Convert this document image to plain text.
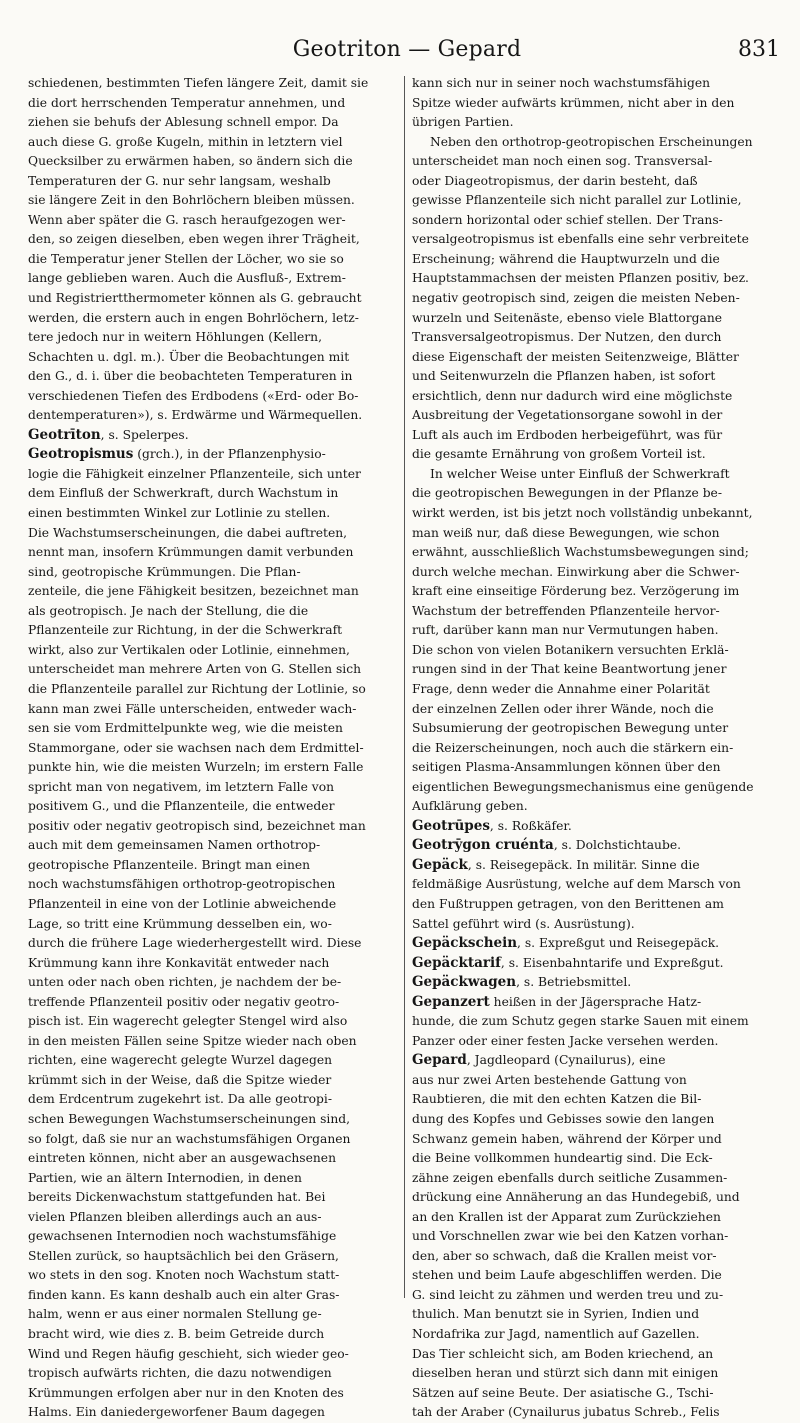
Geotriton — Gepard	831
schiedenen, bestimmten Tiefen längere Zeit, damit sie
die dort herrschenden Temperatur annehmen, und
ziehen sie behufs der Ablesung schnell empor. Da
auch diese G. große Kugeln, mithin in letztern viel
Quecksilber zu erwärmen haben, so ändern sich die
Temperaturen der G. nur sehr langsam, weshalb
sie längere Zeit in den Bohrlöchern bleiben müssen.
Wenn aber später die G. rasch heraufgezogen wer-
den, so zeigen dieselben, eben wegen ihrer Trägheit,
die Temperatur jener Stellen der Löcher, wo sie so
lange geblieben waren. Auch die Ausfluß-, Extrem-
und Registriertthermometer können als G. gebraucht
werden, die erstern auch in engen Bohrlöchern, letz-
tere jedoch nur in weitern Höhlungen (Kellern,
Schachten u. dgl. m.). Über die Beobachtungen mit
den G., d. i. über die beobachteten Temperaturen in
verschiedenen Tiefen des Erdbodens («Erd- oder Bo-
dentemperaturen»), s. Erdwärme und Wärmequellen.
Geotrīton, s. Spelerpes.
Geotropismus (grch.), in der Pflanzenphysio-
logie die Fähigkeit einzelner Pflanzenteile, sich unter
dem Einfluß der Schwerkraft, durch Wachstum in
einen bestimmten Winkel zur Lotlinie zu stellen.
Die Wachstumserscheinungen, die dabei auftreten,
nennt man, insofern Krümmungen damit verbunden
sind, geotropische Krümmungen. Die Pflan-
zenteile, die jene Fähigkeit besitzen, bezeichnet man
als geotropisch. Je nach der Stellung, die die
Pflanzenteile zur Richtung, in der die Schwerkraft
wirkt, also zur Vertikalen oder Lotlinie, einnehmen,
unterscheidet man mehrere Arten von G. Stellen sich
die Pflanzenteile parallel zur Richtung der Lotlinie, so
kann man zwei Fälle unterscheiden, entweder wach-
sen sie vom Erdmittelpunkte weg, wie die meisten
Stammorgane, oder sie wachsen nach dem Erdmittel-
punkte hin, wie die meisten Wurzeln; im erstern Falle
spricht man von negativem, im letztern Falle von
positivem G., und die Pflanzenteile, die entweder
positiv oder negativ geotropisch sind, bezeichnet man
auch mit dem gemeinsamen Namen orthotrop-
geotropische Pflanzenteile. Bringt man einen
noch wachstumsfähigen orthotrop-geotropischen
Pflanzenteil in eine von der Lotlinie abweichende
Lage, so tritt eine Krümmung desselben ein, wo-
durch die frühere Lage wiederhergestellt wird. Diese
Krümmung kann ihre Konkavität entweder nach
unten oder nach oben richten, je nachdem der be-
treffende Pflanzenteil positiv oder negativ geotro-
pisch ist. Ein wagerecht gelegter Stengel wird also
in den meisten Fällen seine Spitze wieder nach oben
richten, eine wagerecht gelegte Wurzel dagegen
krümmt sich in der Weise, daß die Spitze wieder
dem Erdcentrum zugekehrt ist. Da alle geotropi-
schen Bewegungen Wachstumserscheinungen sind,
so folgt, daß sie nur an wachstumsfähigen Organen
eintreten können, nicht aber an ausgewachsenen
Partien, wie an ältern Internodien, in denen
bereits Dickenwachstum stattgefunden hat. Bei
vielen Pflanzen bleiben allerdings auch an aus-
gewachsenen Internodien noch wachstumsfähige
Stellen zurück, so hauptsächlich bei den Gräsern,
wo stets in den sog. Knoten noch Wachstum statt-
finden kann. Es kann deshalb auch ein alter Gras-
halm, wenn er aus einer normalen Stellung ge-
bracht wird, wie dies z. B. beim Getreide durch
Wind und Regen häufig geschieht, sich wieder geo-
tropisch aufwärts richten, die dazu notwendigen
Krümmungen erfolgen aber nur in den Knoten des
Halms. Ein daniedergeworfener Baum dagegen
kann sich nur in seiner noch wachstumsfähigen
Spitze wieder aufwärts krümmen, nicht aber in den
übrigen Partien.
Neben den orthotrop-geotropischen Erscheinungen
unterscheidet man noch einen sog. Transversal-
oder Diageotropismus, der darin besteht, daß
gewisse Pflanzenteile sich nicht parallel zur Lotlinie,
sondern horizontal oder schief stellen. Der Trans-
versalgeotropismus ist ebenfalls eine sehr verbreitete
Erscheinung; während die Hauptwurzeln und die
Hauptstammachsen der meisten Pflanzen positiv, bez.
negativ geotropisch sind, zeigen die meisten Neben-
wurzeln und Seitenäste, ebenso viele Blattorgane
Transversalgeotropismus. Der Nutzen, den durch
diese Eigenschaft der meisten Seitenzweige, Blätter
und Seitenwurzeln die Pflanzen haben, ist sofort
ersichtlich, denn nur dadurch wird eine möglichste
Ausbreitung der Vegetationsorgane sowohl in der
Luft als auch im Erdboden herbeigeführt, was für
die gesamte Ernährung von großem Vorteil ist.
In welcher Weise unter Einfluß der Schwerkraft
die geotropischen Bewegungen in der Pflanze be-
wirkt werden, ist bis jetzt noch vollständig unbekannt,
man weiß nur, daß diese Bewegungen, wie schon
erwähnt, ausschließlich Wachstumsbewegungen sind;
durch welche mechan. Einwirkung aber die Schwer-
kraft eine einseitige Förderung bez. Verzögerung im
Wachstum der betreffenden Pflanzenteile hervor-
ruft, darüber kann man nur Vermutungen haben.
Die schon von vielen Botanikern versuchten Erklä-
rungen sind in der That keine Beantwortung jener
Frage, denn weder die Annahme einer Polarität
der einzelnen Zellen oder ihrer Wände, noch die
Subsumierung der geotropischen Bewegung unter
die Reizerscheinungen, noch auch die stärkern ein-
seitigen Plasma-Ansammlungen können über den
eigentlichen Bewegungsmechanismus eine genügende
Aufklärung geben.
Geotrūpes, s. Roßkäfer.
Geotrȳgon cruénta, s. Dolchstichtaube.
Gepäck, s. Reisegepäck. In militär. Sinne die
feldmäßige Ausrüstung, welche auf dem Marsch von
den Fußtruppen getragen, von den Berittenen am
Sattel geführt wird (s. Ausrüstung).
Gepäckschein, s. Expreßgut und Reisegepäck.
Gepäcktarif, s. Eisenbahntarife und Expreßgut.
Gepäckwagen, s. Betriebsmittel.
Gepanzert heißen in der Jägersprache Hatz-
hunde, die zum Schutz gegen starke Sauen mit einem
Panzer oder einer festen Jacke versehen werden.
Gepard, Jagdleopard (Cynailurus), eine
aus nur zwei Arten bestehende Gattung von
Raubtieren, die mit den echten Katzen die Bil-
dung des Kopfes und Gebisses sowie den langen
Schwanz gemein haben, während der Körper und
die Beine vollkommen hundeartig sind. Die Eck-
zähne zeigen ebenfalls durch seitliche Zusammen-
drückung eine Annäherung an das Hundegebiß, und
an den Krallen ist der Apparat zum Zurückziehen
und Vorschnellen zwar wie bei den Katzen vorhan-
den, aber so schwach, daß die Krallen meist vor-
stehen und beim Laufe abgeschliffen werden. Die
G. sind leicht zu zähmen und werden treu und zu-
thulich. Man benutzt sie in Syrien, Indien und
Nordafrika zur Jagd, namentlich auf Gazellen.
Das Tier schleicht sich, am Boden kriechend, an
dieselben heran und stürzt sich dann mit einigen
Sätzen auf seine Beute. Der asiatische G., Tschi-
tah der Araber (Cynailurus jubatus Schreb., Felis
